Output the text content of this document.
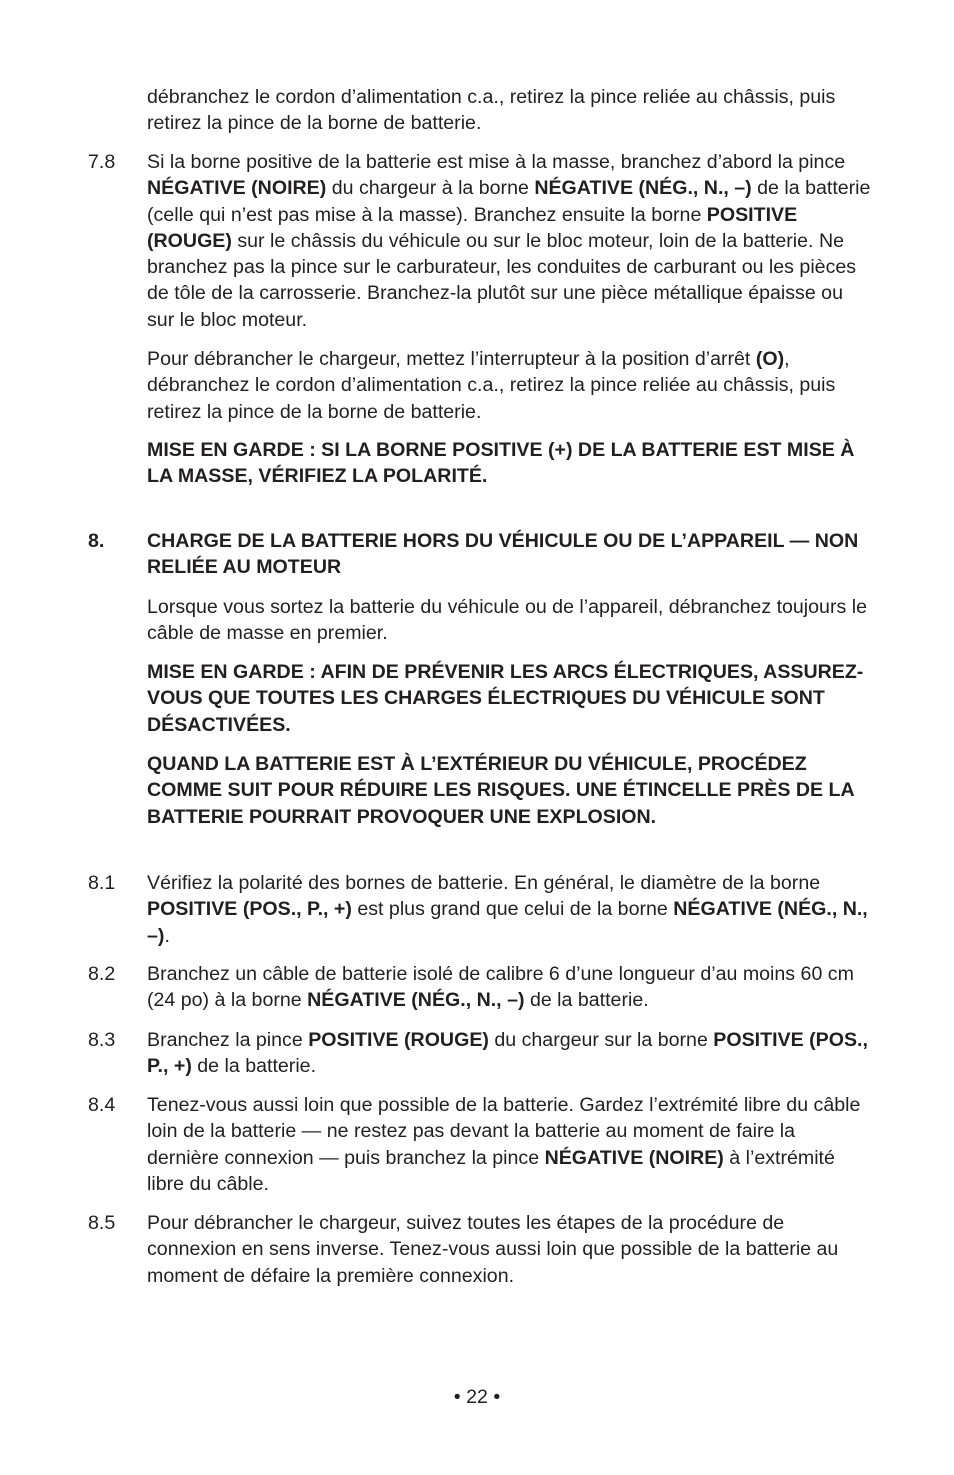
débranchez le cordon d’alimentation c.a., retirez la pince reliée au châssis, puis retirez la pince de la borne de batterie.

7.8 Si la borne positive de la batterie est mise à la masse, branchez d’abord la pince NÉGATIVE (NOIRE) du chargeur à la borne NÉGATIVE (NÉG., N., –) de la batterie (celle qui n’est pas mise à la masse). Branchez ensuite la borne POSITIVE (ROUGE) sur le châssis du véhicule ou sur le bloc moteur, loin de la batterie. Ne branchez pas la pince sur le carburateur, les conduites de carburant ou les pièces de tôle de la carrosserie. Branchez-la plutôt sur une pièce métallique épaisse ou sur le bloc moteur.

Pour débrancher le chargeur, mettez l’interrupteur à la position d’arrêt (O), débranchez le cordon d’alimentation c.a., retirez la pince reliée au châssis, puis retirez la pince de la borne de batterie.

MISE EN GARDE : SI LA BORNE POSITIVE (+) DE LA BATTERIE EST MISE À LA MASSE, VÉRIFIEZ LA POLARITÉ.

8. CHARGE DE LA BATTERIE HORS DU VÉHICULE OU DE L’APPAREIL — NON RELIÉE AU MOTEUR

Lorsque vous sortez la batterie du véhicule ou de l’appareil, débranchez toujours le câble de masse en premier.

MISE EN GARDE : AFIN DE PRÉVENIR LES ARCS ÉLECTRIQUES, ASSUREZ-VOUS QUE TOUTES LES CHARGES ÉLECTRIQUES DU VÉHICULE SONT DÉSACTIVÉES.

QUAND LA BATTERIE EST À L’EXTÉRIEUR DU VÉHICULE, PROCÉDEZ COMME SUIT POUR RÉDUIRE LES RISQUES. UNE ÉTINCELLE PRÈS DE LA BATTERIE POURRAIT PROVOQUER UNE EXPLOSION.

8.1 Vérifiez la polarité des bornes de batterie. En général, le diamètre de la borne POSITIVE (POS., P., +) est plus grand que celui de la borne NÉGATIVE (NÉG., N., –).

8.2 Branchez un câble de batterie isolé de calibre 6 d’une longueur d’au moins 60 cm (24 po) à la borne NÉGATIVE (NÉG., N., –) de la batterie.

8.3 Branchez la pince POSITIVE (ROUGE) du chargeur sur la borne POSITIVE (POS., P., +) de la batterie.

8.4 Tenez-vous aussi loin que possible de la batterie. Gardez l’extrémité libre du câble loin de la batterie — ne restez pas devant la batterie au moment de faire la dernière connexion — puis branchez la pince NÉGATIVE (NOIRE) à l’extrémité libre du câble.

8.5 Pour débrancher le chargeur, suivez toutes les étapes de la procédure de connexion en sens inverse. Tenez-vous aussi loin que possible de la batterie au moment de défaire la première connexion.

• 22 •
